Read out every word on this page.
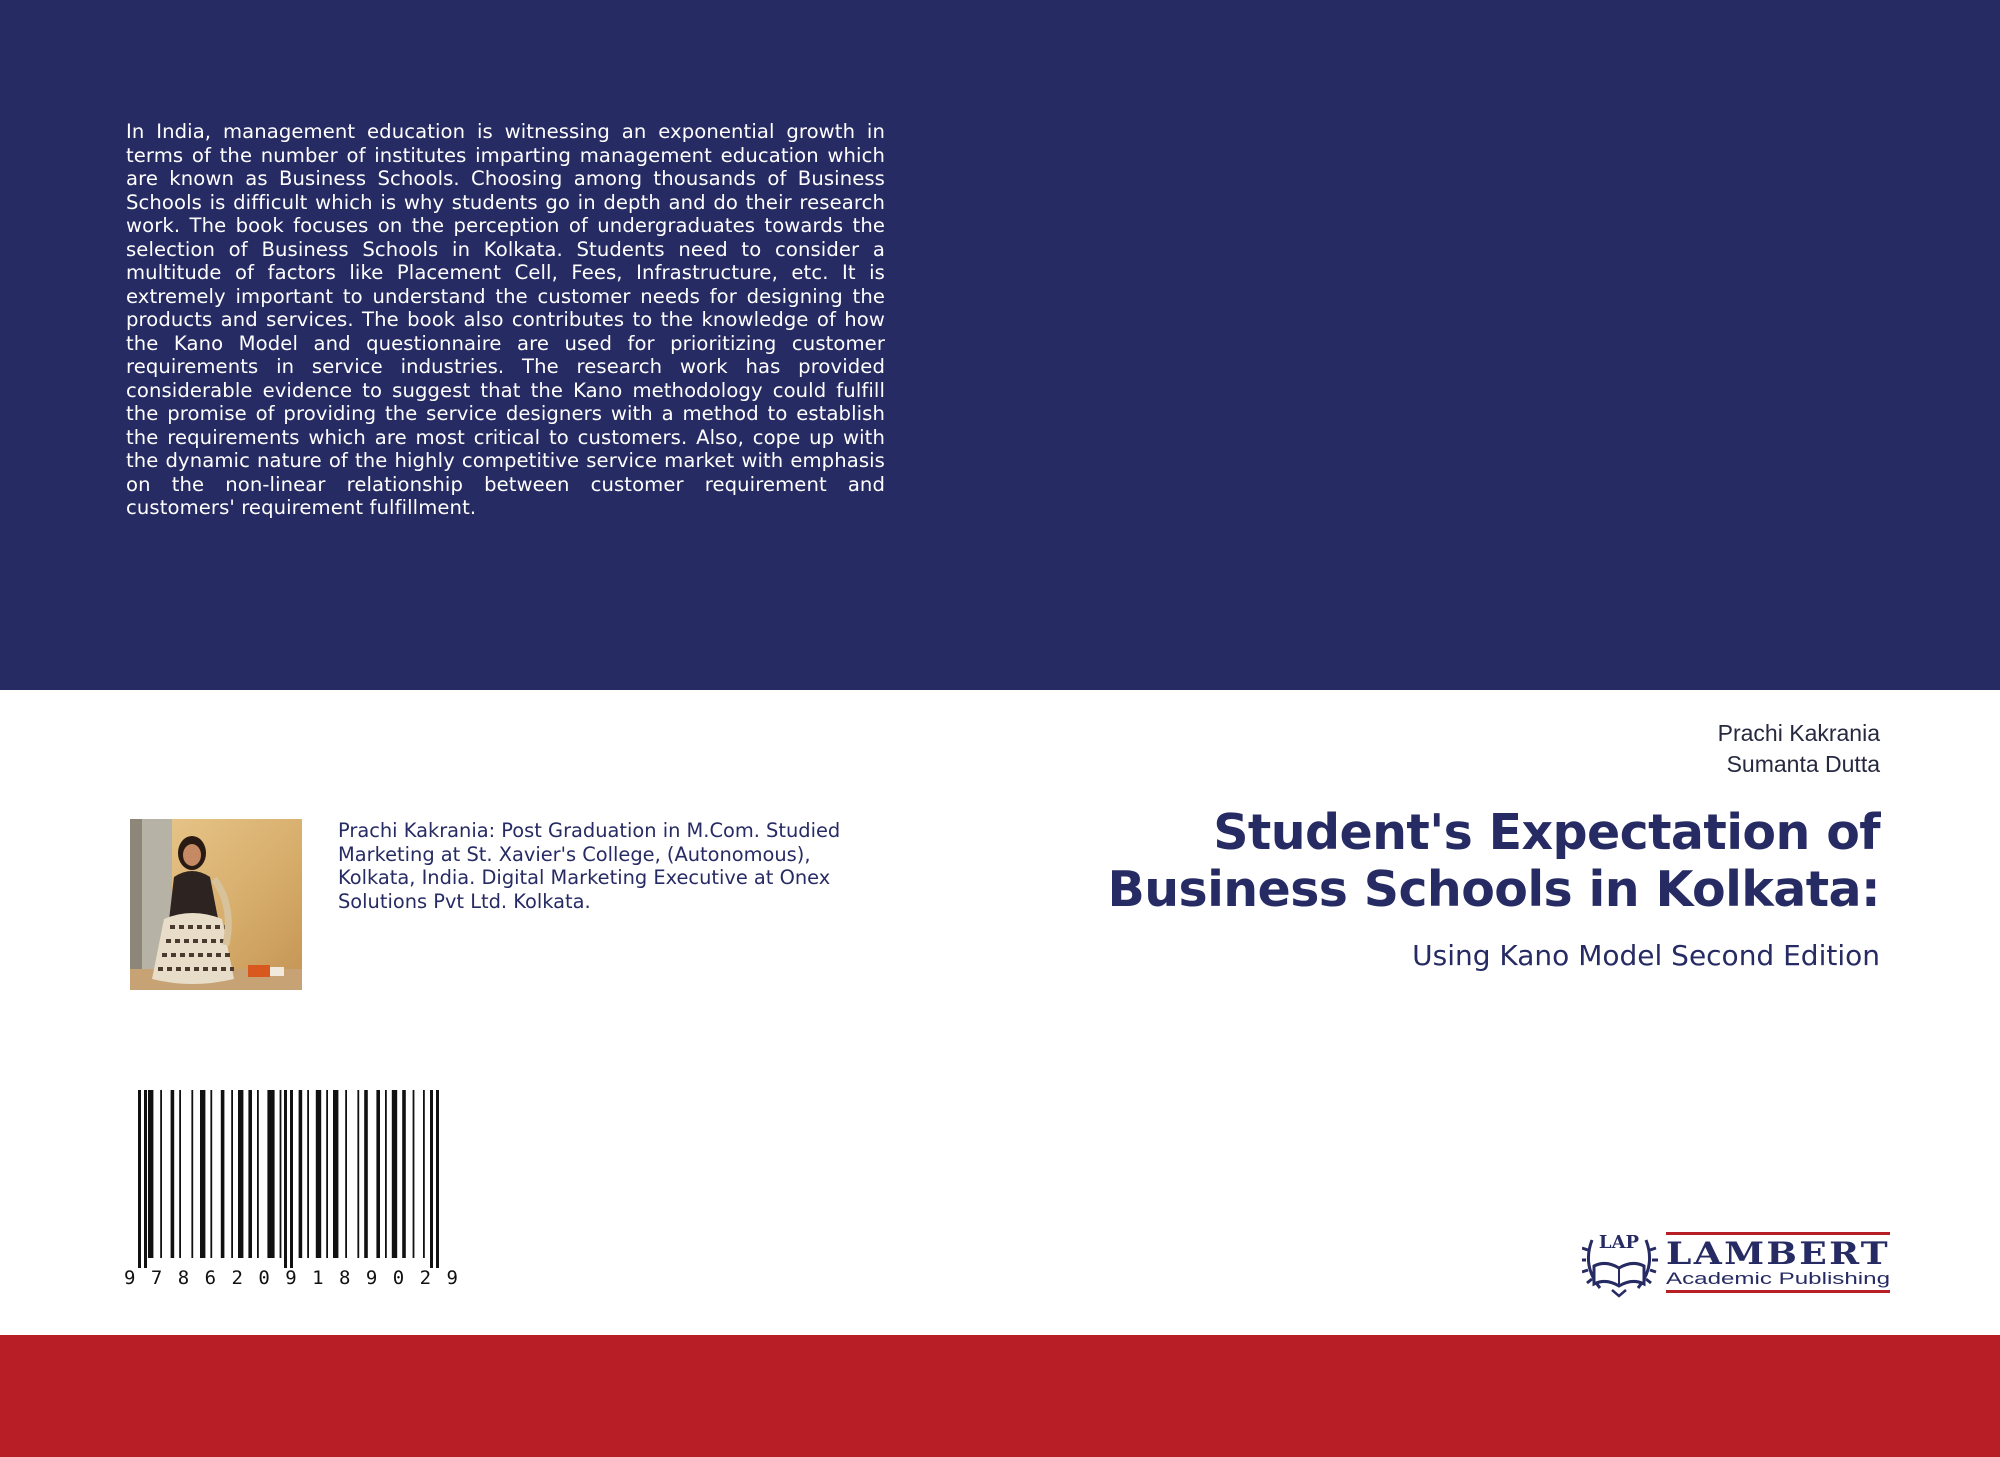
In India, management education is witnessing an exponential growth in terms of the number of institutes imparting management education which are known as Business Schools. Choosing among thousands of Business Schools is difficult which is why students go in depth and do their research work. The book focuses on the perception of undergraduates towards the selection of Business Schools in Kolkata. Students need to consider a multitude of factors like Placement Cell, Fees, Infrastructure, etc. It is extremely important to understand the customer needs for designing the products and services. The book also contributes to the knowledge of how the Kano Model and questionnaire are used for prioritizing customer requirements in service industries. The research work has provided considerable evidence to suggest that the Kano methodology could fulfill the promise of providing the service designers with a method to establish the requirements which are most critical to customers. Also, cope up with the dynamic nature of the highly competitive service market with emphasis on the non-linear relationship between customer requirement and customers' requirement fulfillment.

Prachi Kakrania
Sumanta Dutta
Student's Expectation of
Business Schools in Kolkata:
Using Kano Model Second Edition

Prachi Kakrania: Post Graduation in M.Com. Studied Marketing at St. Xavier's College, (Autonomous), Kolkata, India. Digital Marketing Executive at Onex Solutions Pvt Ltd. Kolkata.

9 7 8 6 2 0 9 1 8 9 0 2 9
LAP LAMBERT
Academic Publishing
